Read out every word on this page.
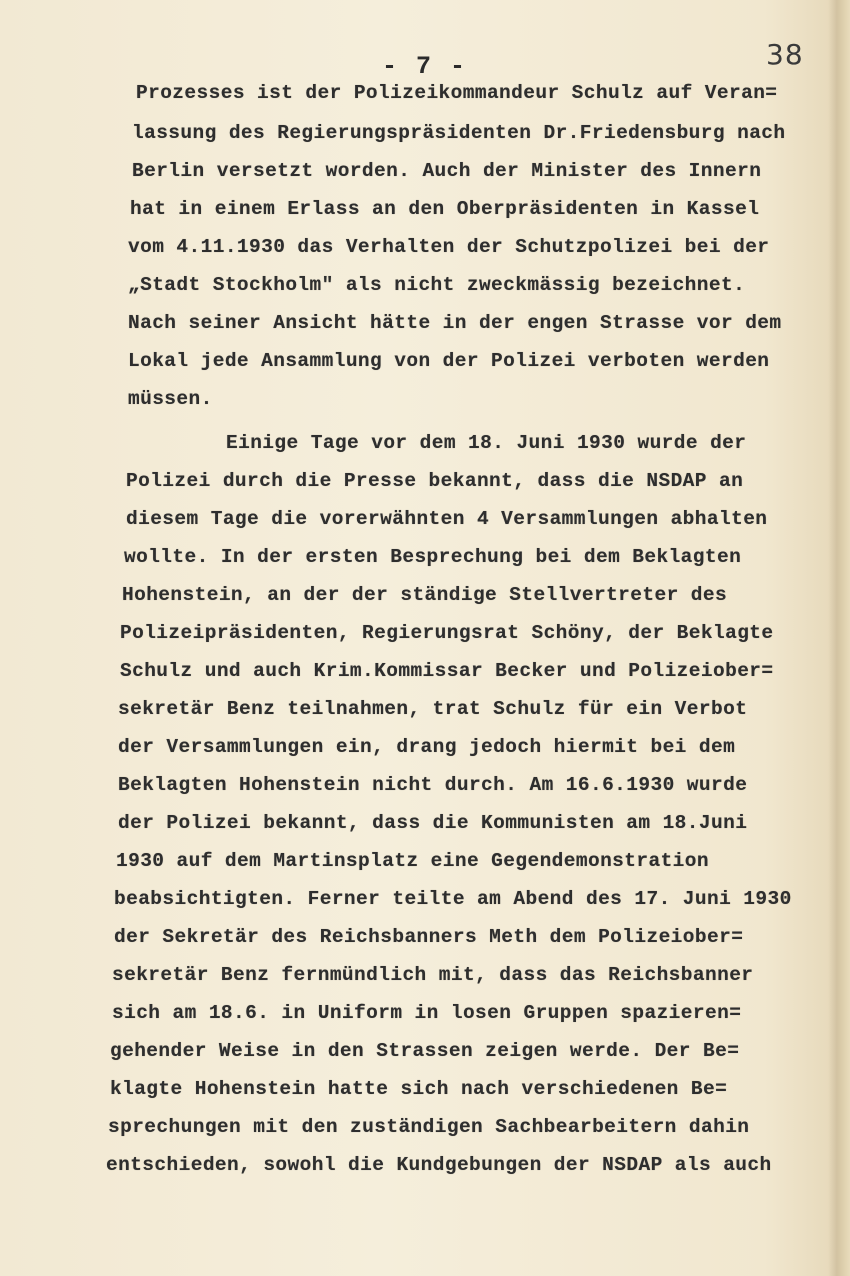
38
- 7 -
Prozesses ist der Polizeikommandeur Schulz auf Veran=
lassung des Regierungspräsidenten Dr.Friedensburg nach
Berlin versetzt worden. Auch der Minister des Innern
hat in einem Erlass an den Oberpräsidenten in Kassel
vom 4.11.1930 das Verhalten der Schutzpolizei bei der
„Stadt Stockholm" als nicht zweckmässig bezeichnet.
Nach seiner Ansicht hätte in der engen Strasse vor dem
Lokal jede Ansammlung von der Polizei verboten werden
müssen.
Einige Tage vor dem 18. Juni 1930 wurde der
Polizei durch die Presse bekannt, dass die NSDAP an
diesem Tage die vorerwähnten 4 Versammlungen abhalten
wollte. In der ersten Besprechung bei dem Beklagten
Hohenstein, an der der ständige Stellvertreter des
Polizeipräsidenten, Regierungsrat Schöny, der Beklagte
Schulz und auch Krim.Kommissar Becker und Polizeiober=
sekretär Benz teilnahmen, trat Schulz für ein Verbot
der Versammlungen ein, drang jedoch hiermit bei dem
Beklagten Hohenstein nicht durch. Am 16.6.1930 wurde
der Polizei bekannt, dass die Kommunisten am 18.Juni
1930 auf dem Martinsplatz eine Gegendemonstration
beabsichtigten. Ferner teilte am Abend des 17. Juni 1930
der Sekretär des Reichsbanners Meth dem Polizeiober=
sekretär Benz fernmündlich mit, dass das Reichsbanner
sich am 18.6. in Uniform in losen Gruppen spazieren=
gehender Weise in den Strassen zeigen werde. Der Be=
klagte Hohenstein hatte sich nach verschiedenen Be=
sprechungen mit den zuständigen Sachbearbeitern dahin
entschieden, sowohl die Kundgebungen der NSDAP als auch
